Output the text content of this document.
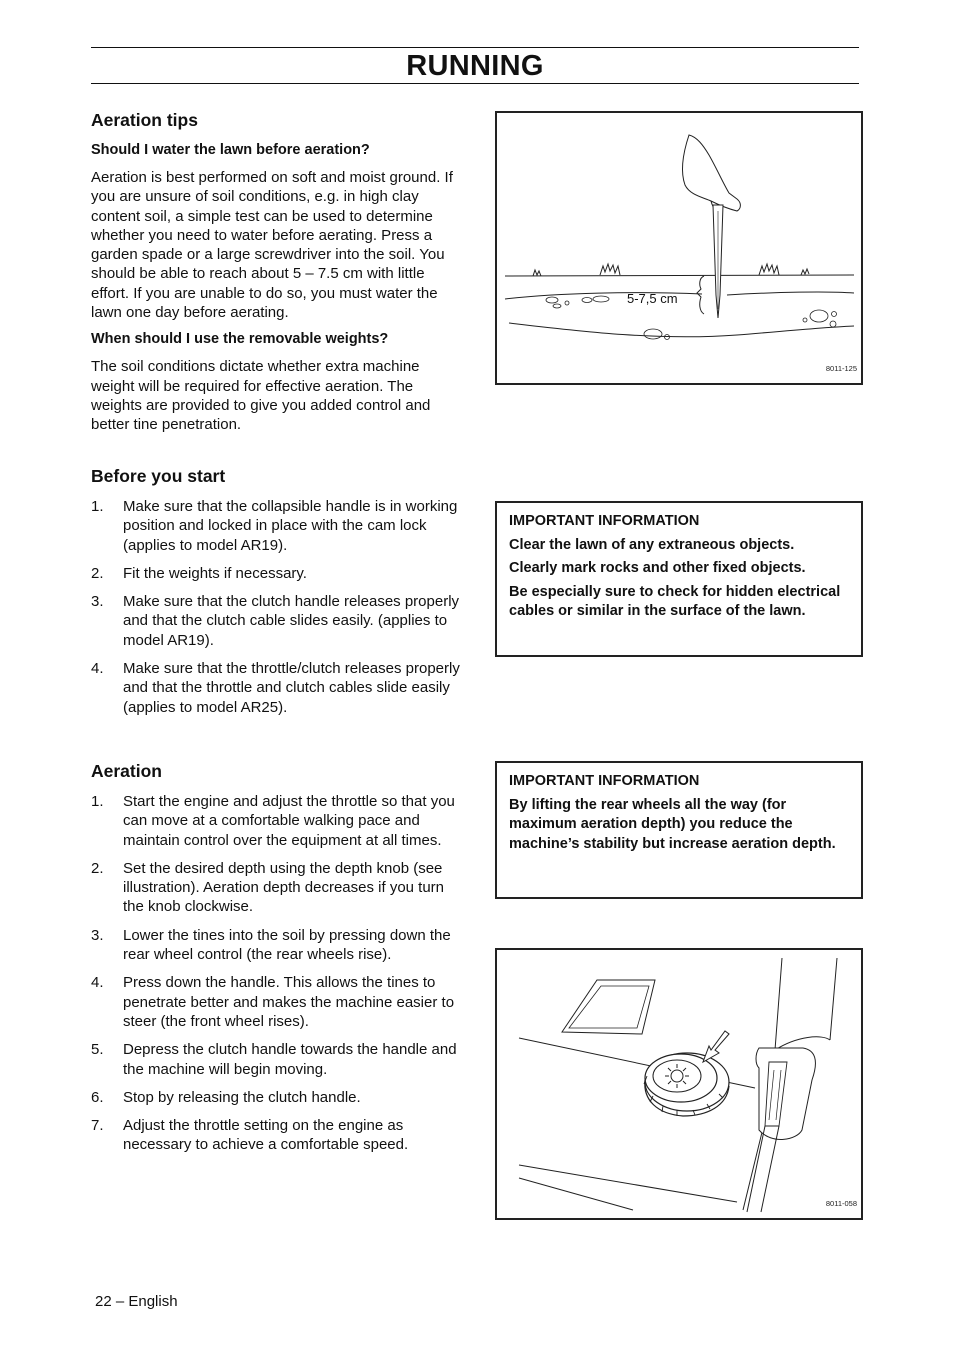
RUNNING
Aeration tips
Should I water the lawn before aeration?

Aeration is best performed on soft and moist ground. If you are unsure of soil conditions, e.g. in high clay content soil, a simple test can be used to determine whether you need to water before aerating. Press a garden spade or a large screwdriver into the soil. You should be able to reach about 5 – 7.5 cm with little effort. If you are unable to do so, you must water the lawn one day before aerating.

When should I use the removable weights?

The soil conditions dictate whether extra machine weight will be required for effective aeration. The weights are provided to give you added control and better tine penetration.

5-7,5 cm
8011-125
Before you start
1. Make sure that the collapsible handle is in working position and locked in place with the cam lock (applies to model AR19).
2. Fit the weights if necessary.
3. Make sure that the clutch handle releases properly and that the clutch cable slides easily. (applies to model AR19).
4. Make sure that the throttle/clutch releases properly and that the throttle and clutch cables slide easily (applies to model AR25).
IMPORTANT INFORMATION
Clear the lawn of any extraneous objects.
Clearly mark rocks and other fixed objects.
Be especially sure to check for hidden electrical cables or similar in the surface of the lawn.
Aeration
1. Start the engine and adjust the throttle so that you can move at a comfortable walking pace and maintain control over the equipment at all times.
2. Set the desired depth using the depth knob (see illustration). Aeration depth decreases if you turn the knob clockwise.
3. Lower the tines into the soil by pressing down the rear wheel control (the rear wheels rise).
4. Press down the handle. This allows the tines to penetrate better and makes the machine easier to steer (the front wheel rises).
5. Depress the clutch handle towards the handle and the machine will begin moving.
6. Stop by releasing the clutch handle.
7. Adjust the throttle setting on the engine as necessary to achieve a comfortable speed.
IMPORTANT INFORMATION
By lifting the rear wheels all the way (for maximum aeration depth) you reduce the machine’s stability but increase aeration depth.
8011-058
22 – English
